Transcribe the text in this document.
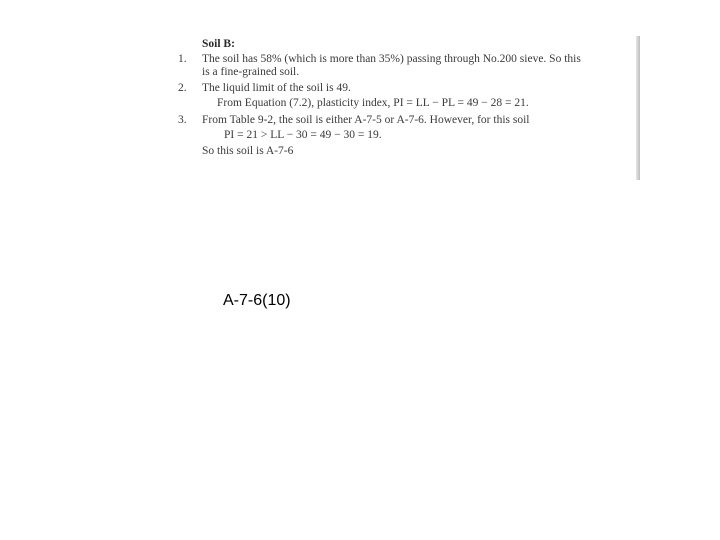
Soil B:
1. The soil has 58% (which is more than 35%) passing through No.200 sieve. So this
is a fine-grained soil.
2. The liquid limit of the soil is 49.
From Equation (7.2), plasticity index, PI = LL − PL = 49 − 28 = 21.
3. From Table 9-2, the soil is either A-7-5 or A-7-6. However, for this soil
PI = 21 > LL − 30 = 49 − 30 = 19.
So this soil is A-7-6
A-7-6(10)
